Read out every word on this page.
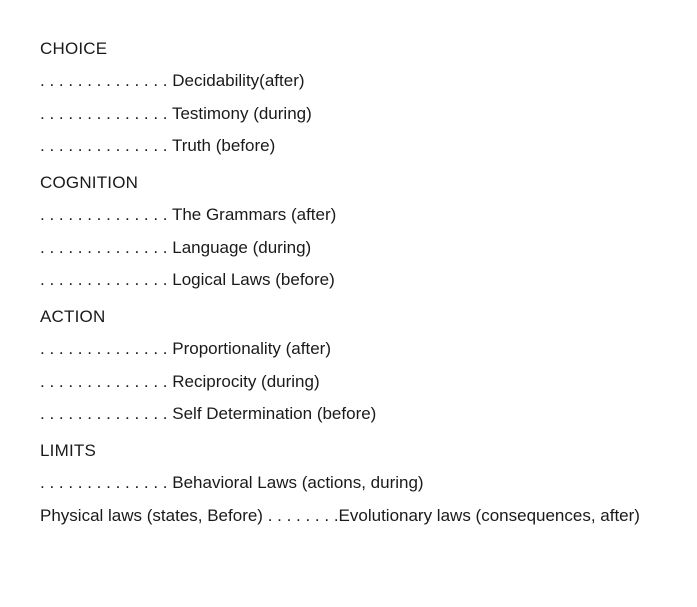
CHOICE
. . . . . . . . . . . . . . Decidability(after)
. . . . . . . . . . . . . . Testimony (during)
. . . . . . . . . . . . . . Truth (before)
COGNITION
. . . . . . . . . . . . . . The Grammars (after)
. . . . . . . . . . . . . . Language (during)
. . . . . . . . . . . . . . Logical Laws (before)
ACTION
. . . . . . . . . . . . . . Proportionality (after)
. . . . . . . . . . . . . . Reciprocity (during)
. . . . . . . . . . . . . . Self Determination (before)
LIMITS
. . . . . . . . . . . . . . Behavioral Laws (actions, during)
Physical laws (states, Before) . . . . . . . .Evolutionary laws (consequences, after)
